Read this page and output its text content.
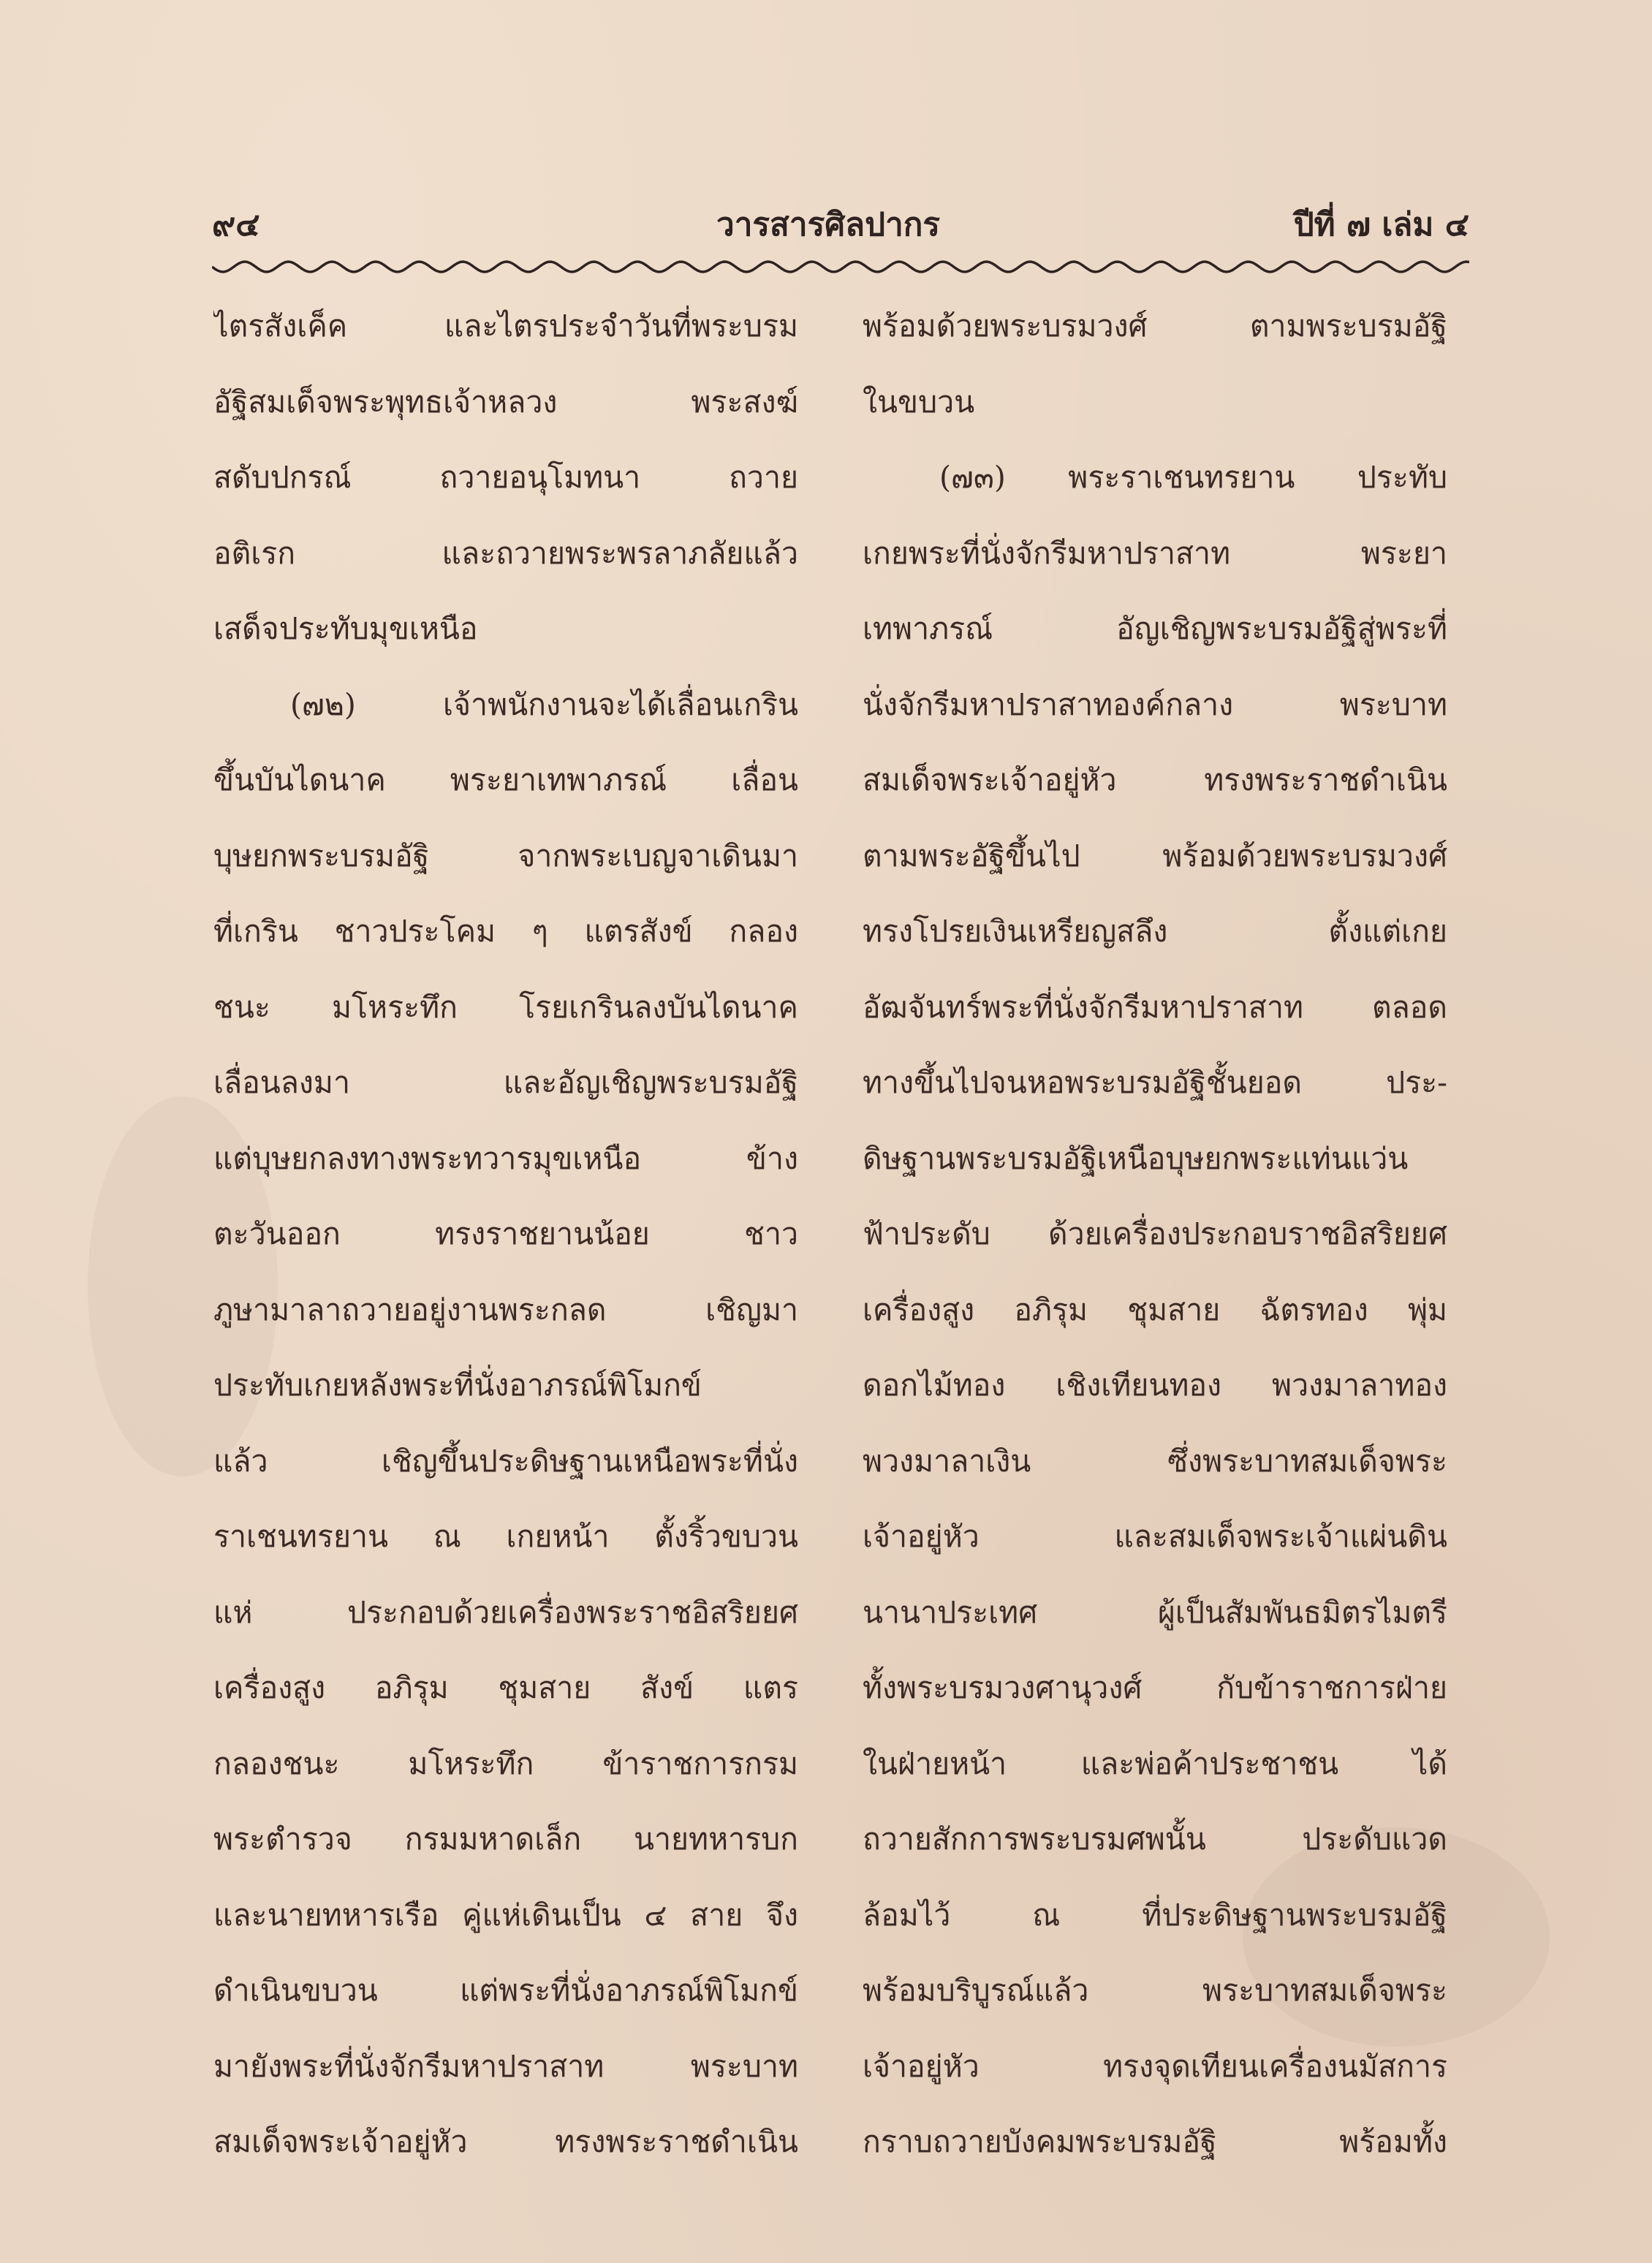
๙๔	วารสารศิลปากร	ปีที่ ๗ เล่ม ๔
ไตรสังเค็ค และไตรประจำวันที่พระบรม
อัฐิสมเด็จพระพุทธเจ้าหลวง พระสงฆ์
สดับปกรณ์ ถวายอนุโมทนา ถวาย
อติเรก และถวายพระพรลาภลัยแล้ว
เสด็จประทับมุขเหนือ
(๗๒) เจ้าพนักงานจะได้เลื่อนเกริน
ขึ้นบันไดนาค พระยาเทพาภรณ์ เลื่อน
บุษยกพระบรมอัฐิ จากพระเบญจาเดินมา
ที่เกริน ชาวประโคม ๆ แตรสังข์ กลอง
ชนะ มโหระทึก โรยเกรินลงบันไดนาค
เลื่อนลงมา และอัญเชิญพระบรมอัฐิ
แต่บุษยกลงทางพระทวารมุขเหนือ ข้าง
ตะวันออก ทรงราชยานน้อย ชาว
ภูษามาลาถวายอยู่งานพระกลด เชิญมา
ประทับเกยหลังพระที่นั่งอาภรณ์พิโมกข์
แล้ว เชิญขึ้นประดิษฐานเหนือพระที่นั่ง
ราเชนทรยาน ณ เกยหน้า ตั้งริ้วขบวน
แห่ ประกอบด้วยเครื่องพระราชอิสริยยศ
เครื่องสูง อภิรุม ชุมสาย สังข์ แตร
กลองชนะ มโหระทึก ข้าราชการกรม
พระตำรวจ กรมมหาดเล็ก นายทหารบก
และนายทหารเรือ คู่แห่เดินเป็น ๔ สาย จึง
ดำเนินขบวน แต่พระที่นั่งอาภรณ์พิโมกข์
มายังพระที่นั่งจักรีมหาปราสาท พระบาท
สมเด็จพระเจ้าอยู่หัว ทรงพระราชดำเนิน
พร้อมด้วยพระบรมวงศ์ ตามพระบรมอัฐิ
ในขบวน
(๗๓) พระราเชนทรยาน ประทับ
เกยพระที่นั่งจักรีมหาปราสาท พระยา
เทพาภรณ์ อัญเชิญพระบรมอัฐิสู่พระที่
นั่งจักรีมหาปราสาทองค์กลาง พระบาท
สมเด็จพระเจ้าอยู่หัว ทรงพระราชดำเนิน
ตามพระอัฐิขึ้นไป พร้อมด้วยพระบรมวงศ์
ทรงโปรยเงินเหรียญสลึง ตั้งแต่เกย
อัฒจันทร์พระที่นั่งจักรีมหาปราสาท ตลอด
ทางขึ้นไปจนหอพระบรมอัฐิชั้นยอด ประ-
ดิษฐานพระบรมอัฐิเหนือบุษยกพระแท่นแว่น
ฟ้าประดับ ด้วยเครื่องประกอบราชอิสริยยศ
เครื่องสูง อภิรุม ชุมสาย ฉัตรทอง พุ่ม
ดอกไม้ทอง เชิงเทียนทอง พวงมาลาทอง
พวงมาลาเงิน ซึ่งพระบาทสมเด็จพระ
เจ้าอยู่หัว และสมเด็จพระเจ้าแผ่นดิน
นานาประเทศ ผู้เป็นสัมพันธมิตรไมตรี
ทั้งพระบรมวงศานุวงศ์ กับข้าราชการฝ่าย
ในฝ่ายหน้า และพ่อค้าประชาชน ได้
ถวายสักการพระบรมศพนั้น ประดับแวด
ล้อมไว้ ณ ที่ประดิษฐานพระบรมอัฐิ
พร้อมบริบูรณ์แล้ว พระบาทสมเด็จพระ
เจ้าอยู่หัว ทรงจุดเทียนเครื่องนมัสการ
กราบถวายบังคมพระบรมอัฐิ พร้อมทั้ง
